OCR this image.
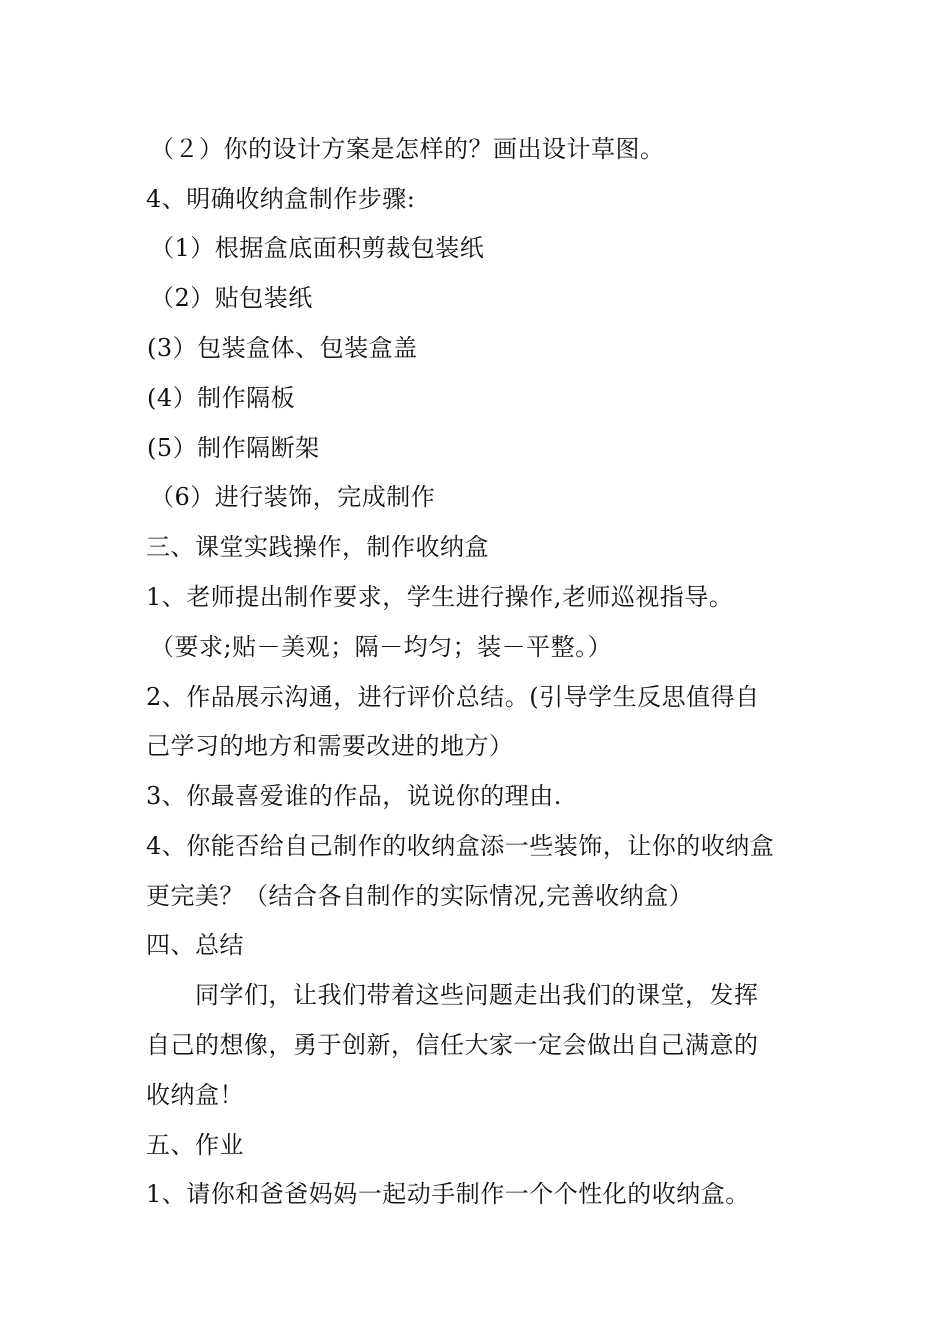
（２）你的设计方案是怎样的？画出设计草图。
4、明确收纳盒制作步骤:
（1）根据盒底面积剪裁包装纸
（2）贴包装纸
(3）包装盒体、包装盒盖
(4）制作隔板
(5）制作隔断架
（6）进行装饰，完成制作
三、课堂实践操作，制作收纳盒
1、老师提出制作要求，学生进行操作,老师巡视指导。
（要求;贴－美观；隔－均匀；装－平整。）
2、作品展示沟通，进行评价总结。(引导学生反思值得自
己学习的地方和需要改进的地方）
3、你最喜爱谁的作品，说说你的理由.
4、你能否给自己制作的收纳盒添一些装饰，让你的收纳盒
更完美？（结合各自制作的实际情况,完善收纳盒）
四、总结
同学们，让我们带着这些问题走出我们的课堂，发挥
自己的想像，勇于创新，信任大家一定会做出自己满意的
收纳盒！
五、作业
1、请你和爸爸妈妈一起动手制作一个个性化的收纳盒。
